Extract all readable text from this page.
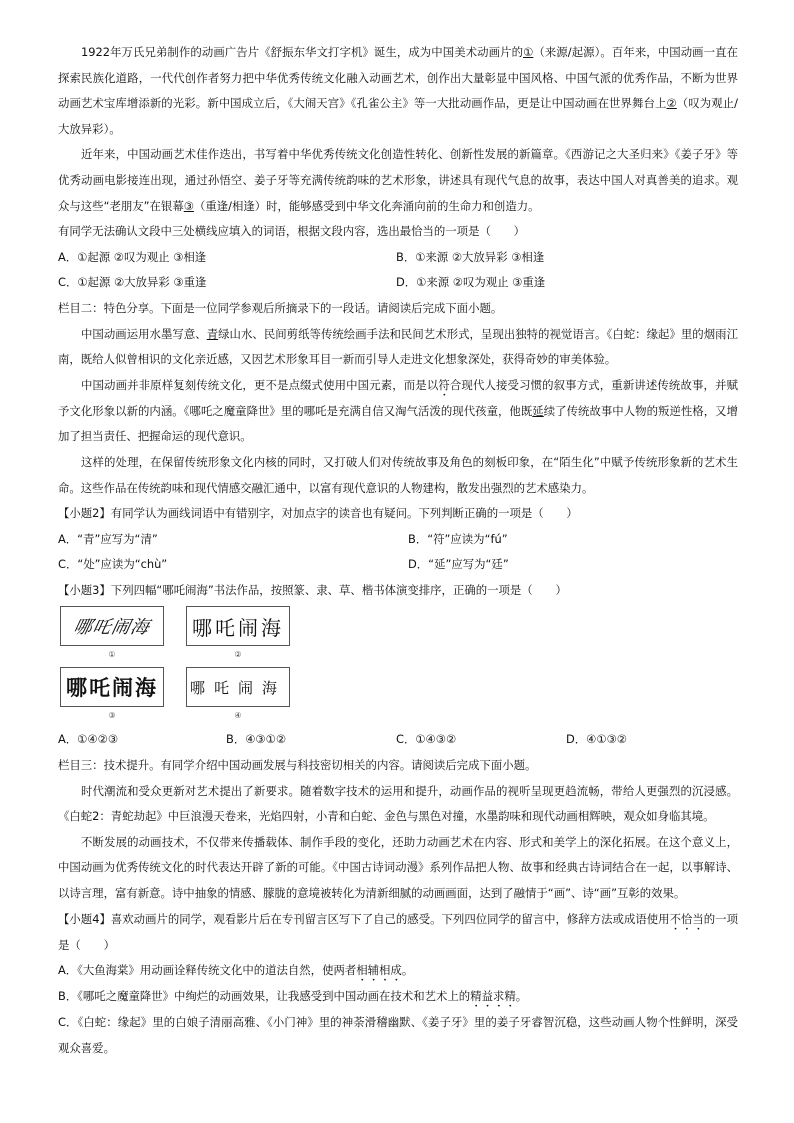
1922年万氏兄弟制作的动画广告片《舒振东华文打字机》诞生，成为中国美术动画片的①（来源/起源）。百年来，中国动画一直在探索民族化道路，一代代创作者努力把中华优秀传统文化融入动画艺术，创作出大量彰显中国风格、中国气派的优秀作品，不断为世界动画艺术宝库增添新的光彩。新中国成立后，《大闹天宫》《孔雀公主》等一大批动画作品，更是让中国动画在世界舞台上②（叹为观止/大放异彩）。

近年来，中国动画艺术佳作迭出，书写着中华优秀传统文化创造性转化、创新性发展的新篇章。《西游记之大圣归来》《姜子牙》等优秀动画电影接连出现，通过孙悟空、姜子牙等充满传统韵味的艺术形象，讲述具有现代气息的故事，表达中国人对真善美的追求。观众与这些“老朋友”在银幕③（重逢/相逢）时，能够感受到中华文化奔涌向前的生命力和创造力。

有同学无法确认文段中三处横线应填入的词语，根据文段内容，选出最恰当的一项是（　　）

A．①起源 ②叹为观止 ③相逢	B．①来源 ②大放异彩 ③相逢
C．①起源 ②大放异彩 ③重逢	D．①来源 ②叹为观止 ③重逢

栏目二：特色分享。下面是一位同学参观后所摘录下的一段话。请阅读后完成下面小题。

中国动画运用水墨写意、青绿山水、民间剪纸等传统绘画手法和民间艺术形式，呈现出独特的视觉语言。《白蛇：缘起》里的烟雨江南，既给人似曾相识的文化亲近感，又因艺术形象耳目一新而引导人走进文化想象深处，获得奇妙的审美体验。

中国动画并非原样复刻传统文化，更不是点缀式使用中国元素，而是以符合现代人接受习惯的叙事方式，重新讲述传统故事，并赋予文化形象以新的内涵。《哪吒之魔童降世》里的哪吒是充满自信又淘气活泼的现代孩童，他既延续了传统故事中人物的叛逆性格，又增加了担当责任、把握命运的现代意识。

这样的处理，在保留传统形象文化内核的同时，又打破人们对传统故事及角色的刻板印象，在“陌生化”中赋予传统形象新的艺术生命。这些作品在传统韵味和现代情感交融汇通中，以富有现代意识的人物建构，散发出强烈的艺术感染力。

【小题2】有同学认为画线词语中有错别字，对加点字的读音也有疑问。下列判断正确的一项是（　　）

A．“青”应写为“清”	B．“符”应读为“fú”
C．“处”应读为“chù”	D．“延”应写为“廷”

【小题3】下列四幅“哪吒闹海”书法作品，按照篆、隶、草、楷书体演变排序，正确的一项是（　　）

哪吒闹海
①
哪吒闹海
②
哪吒闹海
③
哪吒闹海
④
A．①④②③	B．④③①②	C．①④③②	D．④①③②

栏目三：技术提升。有同学介绍中国动画发展与科技密切相关的内容。请阅读后完成下面小题。

时代潮流和受众更新对艺术提出了新要求。随着数字技术的运用和提升，动画作品的视听呈现更趋流畅，带给人更强烈的沉浸感。《白蛇2：青蛇劫起》中巨浪漫天卷来，光焰四射，小青和白蛇、金色与黑色对撞，水墨韵味和现代动画相辉映，观众如身临其境。

不断发展的动画技术，不仅带来传播载体、制作手段的变化，还助力动画艺术在内容、形式和美学上的深化拓展。在这个意义上，中国动画为优秀传统文化的时代表达开辟了新的可能。《中国古诗词动漫》系列作品把人物、故事和经典古诗词结合在一起，以事解诗、以诗言理，富有新意。诗中抽象的情感、朦胧的意境被转化为清新细腻的动画画面，达到了融情于“画”、诗“画”互彰的效果。

【小题4】喜欢动画片的同学，观看影片后在专刊留言区写下了自己的感受。下列四位同学的留言中，修辞方法或成语使用不恰当的一项是（　　）

A．《大鱼海棠》用动画诠释传统文化中的道法自然，使两者相辅相成。

B．《哪吒之魔童降世》中绚烂的动画效果，让我感受到中国动画在技术和艺术上的精益求精。

C．《白蛇：缘起》里的白娘子清丽高雅、《小门神》里的神荼滑稽幽默、《姜子牙》里的姜子牙睿智沉稳，这些动画人物个性鲜明，深受观众喜爱。
